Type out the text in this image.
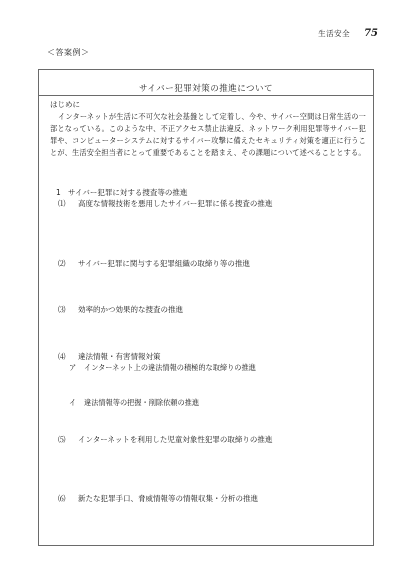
生活安全 75
＜答案例＞
サイバー犯罪対策の推進について
はじめに

インターネットが生活に不可欠な社会基盤として定着し、今や、サイバー空間は日常生活の一部となっている。このような中、不正アクセス禁止法違反、ネットワーク利用犯罪等サイバー犯罪や、コンピューターシステムに対するサイバー攻撃に備えたセキュリティ対策を適正に行うことが、生活安全担当者にとって重要であることを踏まえ、その課題について述べることとする。

1 サイバー犯罪に対する捜査等の推進
⑴ 高度な情報技術を悪用したサイバー犯罪に係る捜査の推進
⑵ サイバー犯罪に関与する犯罪組織の取締り等の推進
⑶ 効率的かつ効果的な捜査の推進
⑷ 違法情報・有害情報対策
ア インターネット上の違法情報の積極的な取締りの推進
イ 違法情報等の把握・削除依頼の推進
⑸ インターネットを利用した児童対象性犯罪の取締りの推進
⑹ 新たな犯罪手口、脅威情報等の情報収集・分析の推進
